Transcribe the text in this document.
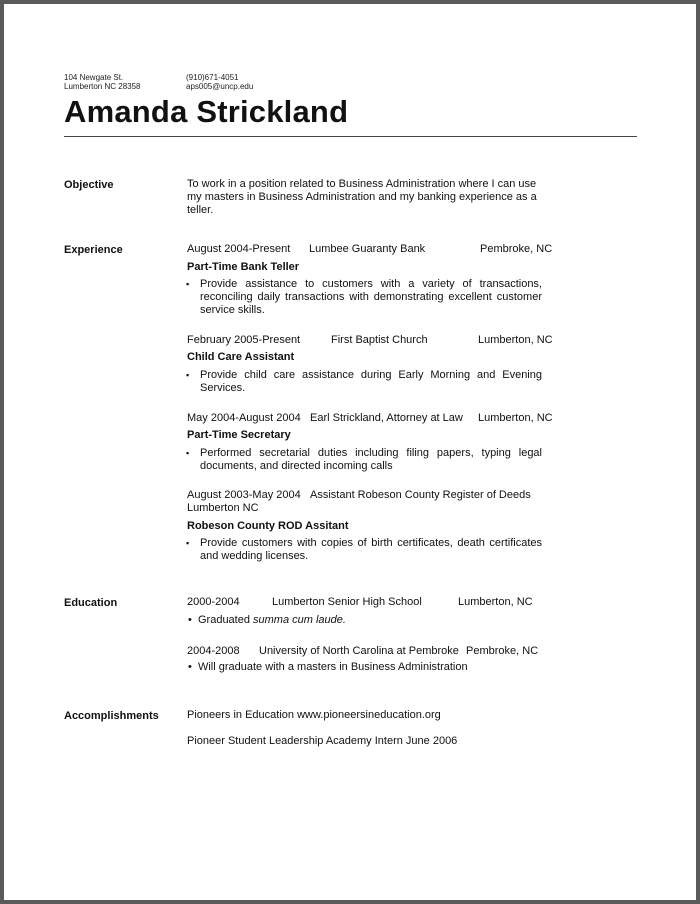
104 Newgate St.
Lumberton NC 28358
(910)671-4051
aps005@uncp.edu
Amanda Strickland
Objective	To work in a position related to Business Administration where I can use my masters in Business Administration and my banking experience as a teller.
Experience	August 2004-Present Lumbee Guaranty Bank	Pembroke, NC
Part-Time Bank Teller
▪ Provide assistance to customers with a variety of transactions, reconciling daily transactions with demonstrating excellent customer service skills.
February 2005-Present	First Baptist Church	Lumberton, NC
Child Care Assistant
▪ Provide child care assistance during Early Morning and Evening Services.
May 2004-August 2004 Earl Strickland, Attorney at Law Lumberton, NC
Part-Time Secretary
▪ Performed secretarial duties including filing papers, typing legal documents, and directed incoming calls
August 2003-May 2004 Assistant Robeson County Register of Deeds
Lumberton NC
Robeson County ROD Assitant
▪ Provide customers with copies of birth certificates, death certificates and wedding licenses.
Education	2000-2004	Lumberton Senior High School	Lumberton, NC
• Graduated summa cum laude.
2004-2008 University of North Carolina at Pembroke Pembroke, NC
• Will graduate with a masters in Business Administration
Accomplishments	Pioneers in Education www.pioneersineducation.org
Pioneer Student Leadership Academy Intern June 2006
